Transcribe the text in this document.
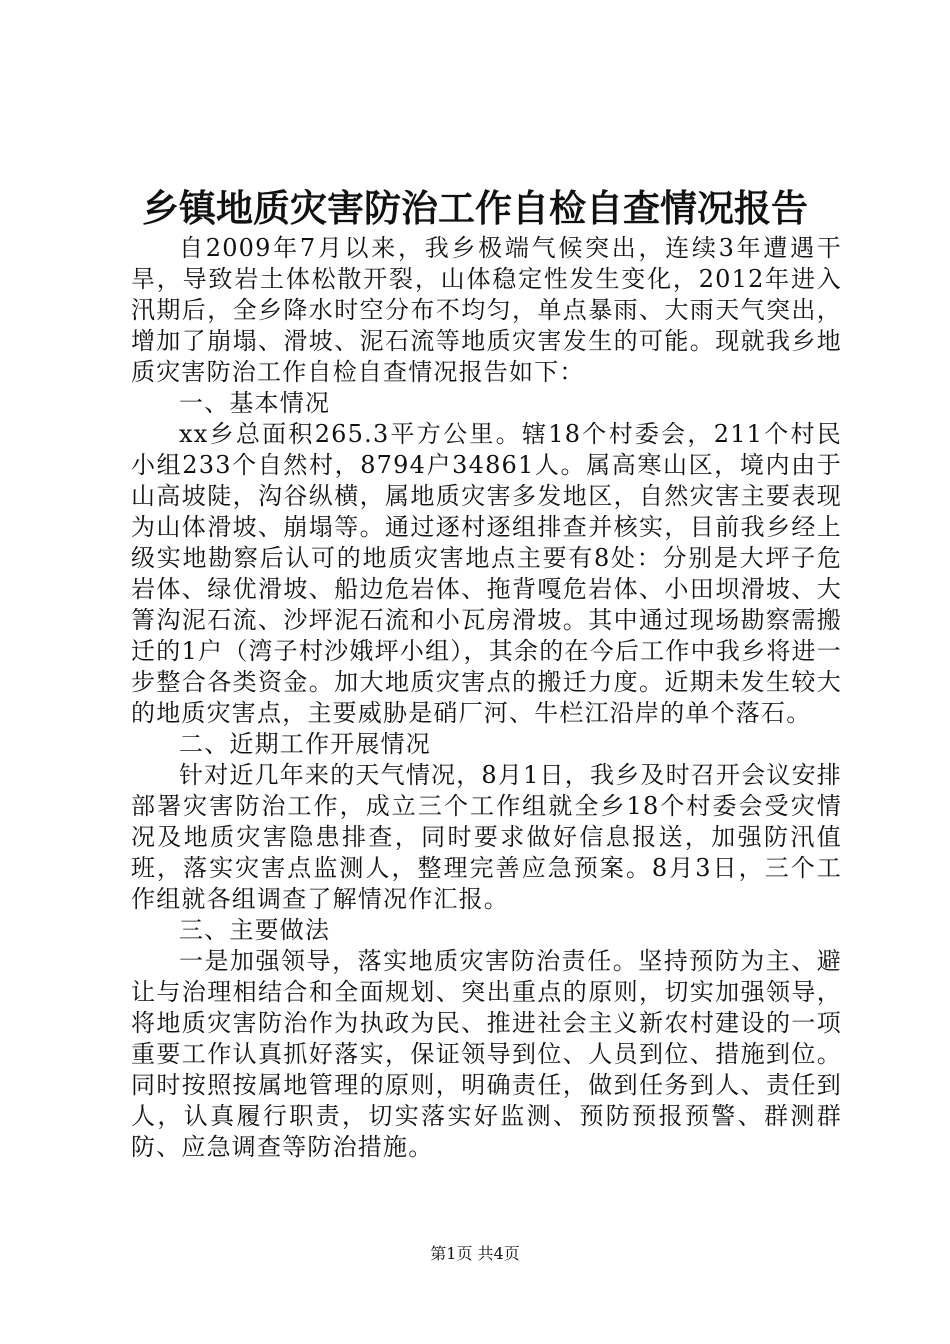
乡镇地质灾害防治工作自检自查情况报告

自2009年7月以来，我乡极端气候突出，连续3年遭遇干旱，导致岩土体松散开裂，山体稳定性发生变化，2012年进入汛期后，全乡降水时空分布不均匀，单点暴雨、大雨天气突出，增加了崩塌、滑坡、泥石流等地质灾害发生的可能。现就我乡地质灾害防治工作自检自查情况报告如下：

一、基本情况

xx乡总面积265.3平方公里。辖18个村委会，211个村民小组233个自然村，8794户34861人。属高寒山区，境内由于山高坡陡，沟谷纵横，属地质灾害多发地区，自然灾害主要表现为山体滑坡、崩塌等。通过逐村逐组排查并核实，目前我乡经上级实地勘察后认可的地质灾害地点主要有8处：分别是大坪子危岩体、绿优滑坡、船边危岩体、拖背嘎危岩体、小田坝滑坡、大箐沟泥石流、沙坪泥石流和小瓦房滑坡。其中通过现场勘察需搬迁的1户（湾子村沙娥坪小组），其余的在今后工作中我乡将进一步整合各类资金。加大地质灾害点的搬迁力度。近期未发生较大的地质灾害点，主要威胁是硝厂河、牛栏江沿岸的单个落石。

二、近期工作开展情况

针对近几年来的天气情况，8月1日，我乡及时召开会议安排部署灾害防治工作，成立三个工作组就全乡18个村委会受灾情况及地质灾害隐患排查，同时要求做好信息报送，加强防汛值班，落实灾害点监测人，整理完善应急预案。8月3日，三个工作组就各组调查了解情况作汇报。

三、主要做法

一是加强领导，落实地质灾害防治责任。坚持预防为主、避让与治理相结合和全面规划、突出重点的原则，切实加强领导，将地质灾害防治作为执政为民、推进社会主义新农村建设的一项重要工作认真抓好落实，保证领导到位、人员到位、措施到位。同时按照按属地管理的原则，明确责任，做到任务到人、责任到人，认真履行职责，切实落实好监测、预防预报预警、群测群防、应急调查等防治措施。

第1页 共4页
